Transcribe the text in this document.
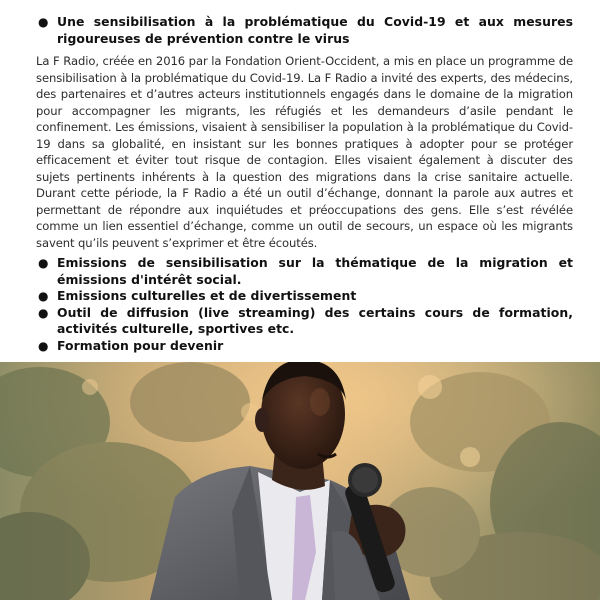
● Une sensibilisation à la problématique du Covid-19 et aux mesures rigoureuses de prévention contre le virus

La F Radio, créée en 2016 par la Fondation Orient-Occident, a mis en place un programme de sensibilisation à la problématique du Covid-19. La F Radio a invité des experts, des médecins, des partenaires et d’autres acteurs institutionnels engagés dans le domaine de la migration pour accompagner les migrants, les réfugiés et les demandeurs d’asile pendant le confinement. Les émissions, visaient à sensibiliser la population à la problématique du Covid-19 dans sa globalité, en insistant sur les bonnes pratiques à adopter pour se protéger efficacement et éviter tout risque de contagion. Elles visaient également à discuter des sujets pertinents inhérents à la question des migrations dans la crise sanitaire actuelle. Durant cette période, la F Radio a été un outil d’échange, donnant la parole aux autres et permettant de répondre aux inquiétudes et préoccupations des gens. Elle s’est révélée comme un lien essentiel d’échange, comme un outil de secours, un espace où les migrants savent qu’ils peuvent s’exprimer et être écoutés.

● Emissions de sensibilisation sur la thématique de la migration et émissions d'intérêt social.
● Emissions culturelles et de divertissement
● Outil de diffusion (live streaming) des certains cours de formation, activités culturelle, sportives etc.
● Formation pour devenir
